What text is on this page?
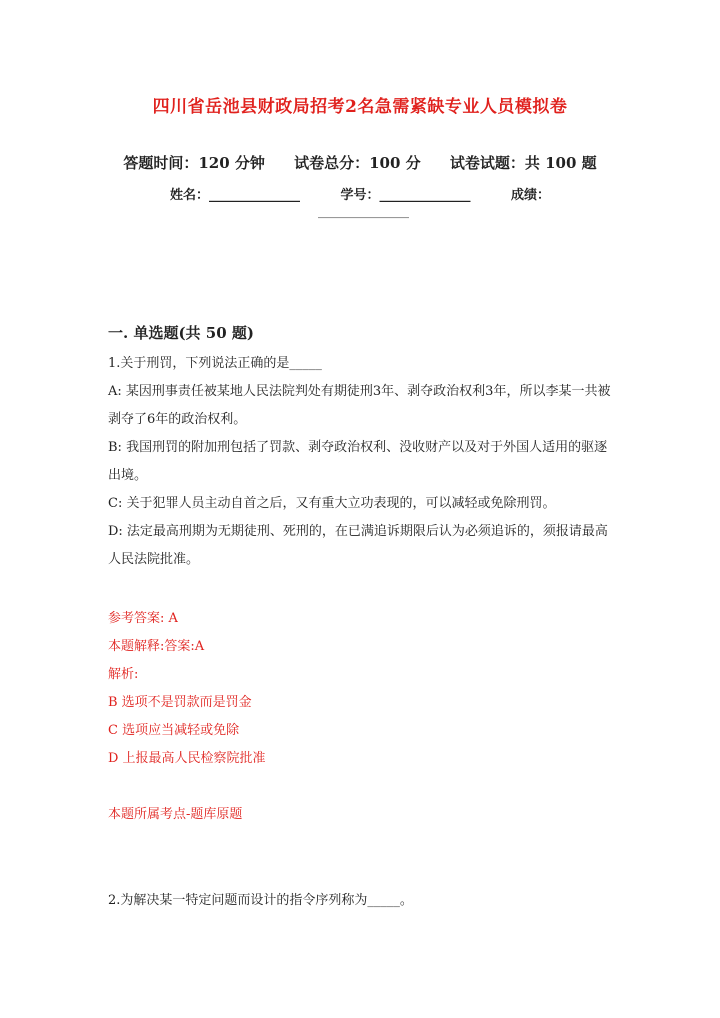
四川省岳池县财政局招考2名急需紧缺专业人员模拟卷
答题时间：120 分钟 试卷总分：100 分 试卷试题：共 100 题
姓名：______________	学号：______________	成绩：
______________
一. 单选题(共 50 题)
1.关于刑罚，下列说法正确的是_____
A: 某因刑事责任被某地人民法院判处有期徒刑3年、剥夺政治权利3年，所以李某一共被剥夺了6年的政治权利。
B: 我国刑罚的附加刑包括了罚款、剥夺政治权利、没收财产以及对于外国人适用的驱逐出境。
C: 关于犯罪人员主动自首之后，又有重大立功表现的，可以减轻或免除刑罚。
D: 法定最高刑期为无期徒刑、死刑的，在已满追诉期限后认为必须追诉的，须报请最高人民法院批准。
参考答案: A
本题解释:答案:A
解析:
B 选项不是罚款而是罚金
C 选项应当减轻或免除
D 上报最高人民检察院批准
本题所属考点-题库原题
2.为解决某一特定问题而设计的指令序列称为_____。
